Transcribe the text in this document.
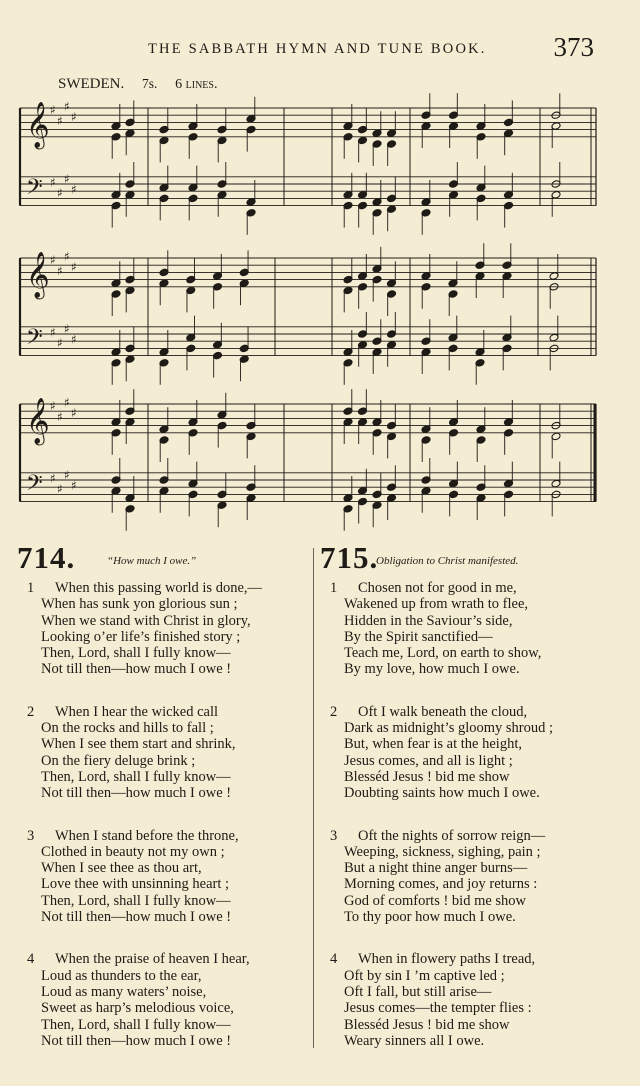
THE SABBATH HYMN AND TUNE BOOK. 373
SWEDEN. 7s. 6 lines.
𝄞 ♯
♯
♯
♯
𝄢 ♯
♯
♯
♯
𝄞 ♯
♯
♯
♯
𝄢 ♯
♯
♯
♯
𝄞 ♯
♯
♯
♯
𝄢 ♯
♯
♯
♯
714.	“How much I owe.”
1	When this passing world is done,—
When has sunk yon glorious sun ;
When we stand with Christ in glory,
Looking o’er life’s finished story ;
Then, Lord, shall I fully know—
Not till then—how much I owe !
2	When I hear the wicked call
On the rocks and hills to fall ;
When I see them start and shrink,
On the fiery deluge brink ;
Then, Lord, shall I fully know—
Not till then—how much I owe !
3	When I stand before the throne,
Clothed in beauty not my own ;
When I see thee as thou art,
Love thee with unsinning heart ;
Then, Lord, shall I fully know—
Not till then—how much I owe !
4	When the praise of heaven I hear,
Loud as thunders to the ear,
Loud as many waters’ noise,
Sweet as harp’s melodious voice,
Then, Lord, shall I fully know—
Not till then—how much I owe !
715.
Obligation to Christ manifested.
1	Chosen not for good in me,
Wakened up from wrath to flee,
Hidden in the Saviour’s side,
By the Spirit sanctified—
Teach me, Lord, on earth to show,
By my love, how much I owe.
2	Oft I walk beneath the cloud,
Dark as midnight’s gloomy shroud ;
But, when fear is at the height,
Jesus comes, and all is light ;
Blesséd Jesus ! bid me show
Doubting saints how much I owe.
3	Oft the nights of sorrow reign—
Weeping, sickness, sighing, pain ;
But a night thine anger burns—
Morning comes, and joy returns :
God of comforts ! bid me show
To thy poor how much I owe.
4	When in flowery paths I tread,
Oft by sin I ’m captive led ;
Oft I fall, but still arise—
Jesus comes—the tempter flies :
Blesséd Jesus ! bid me show
Weary sinners all I owe.
